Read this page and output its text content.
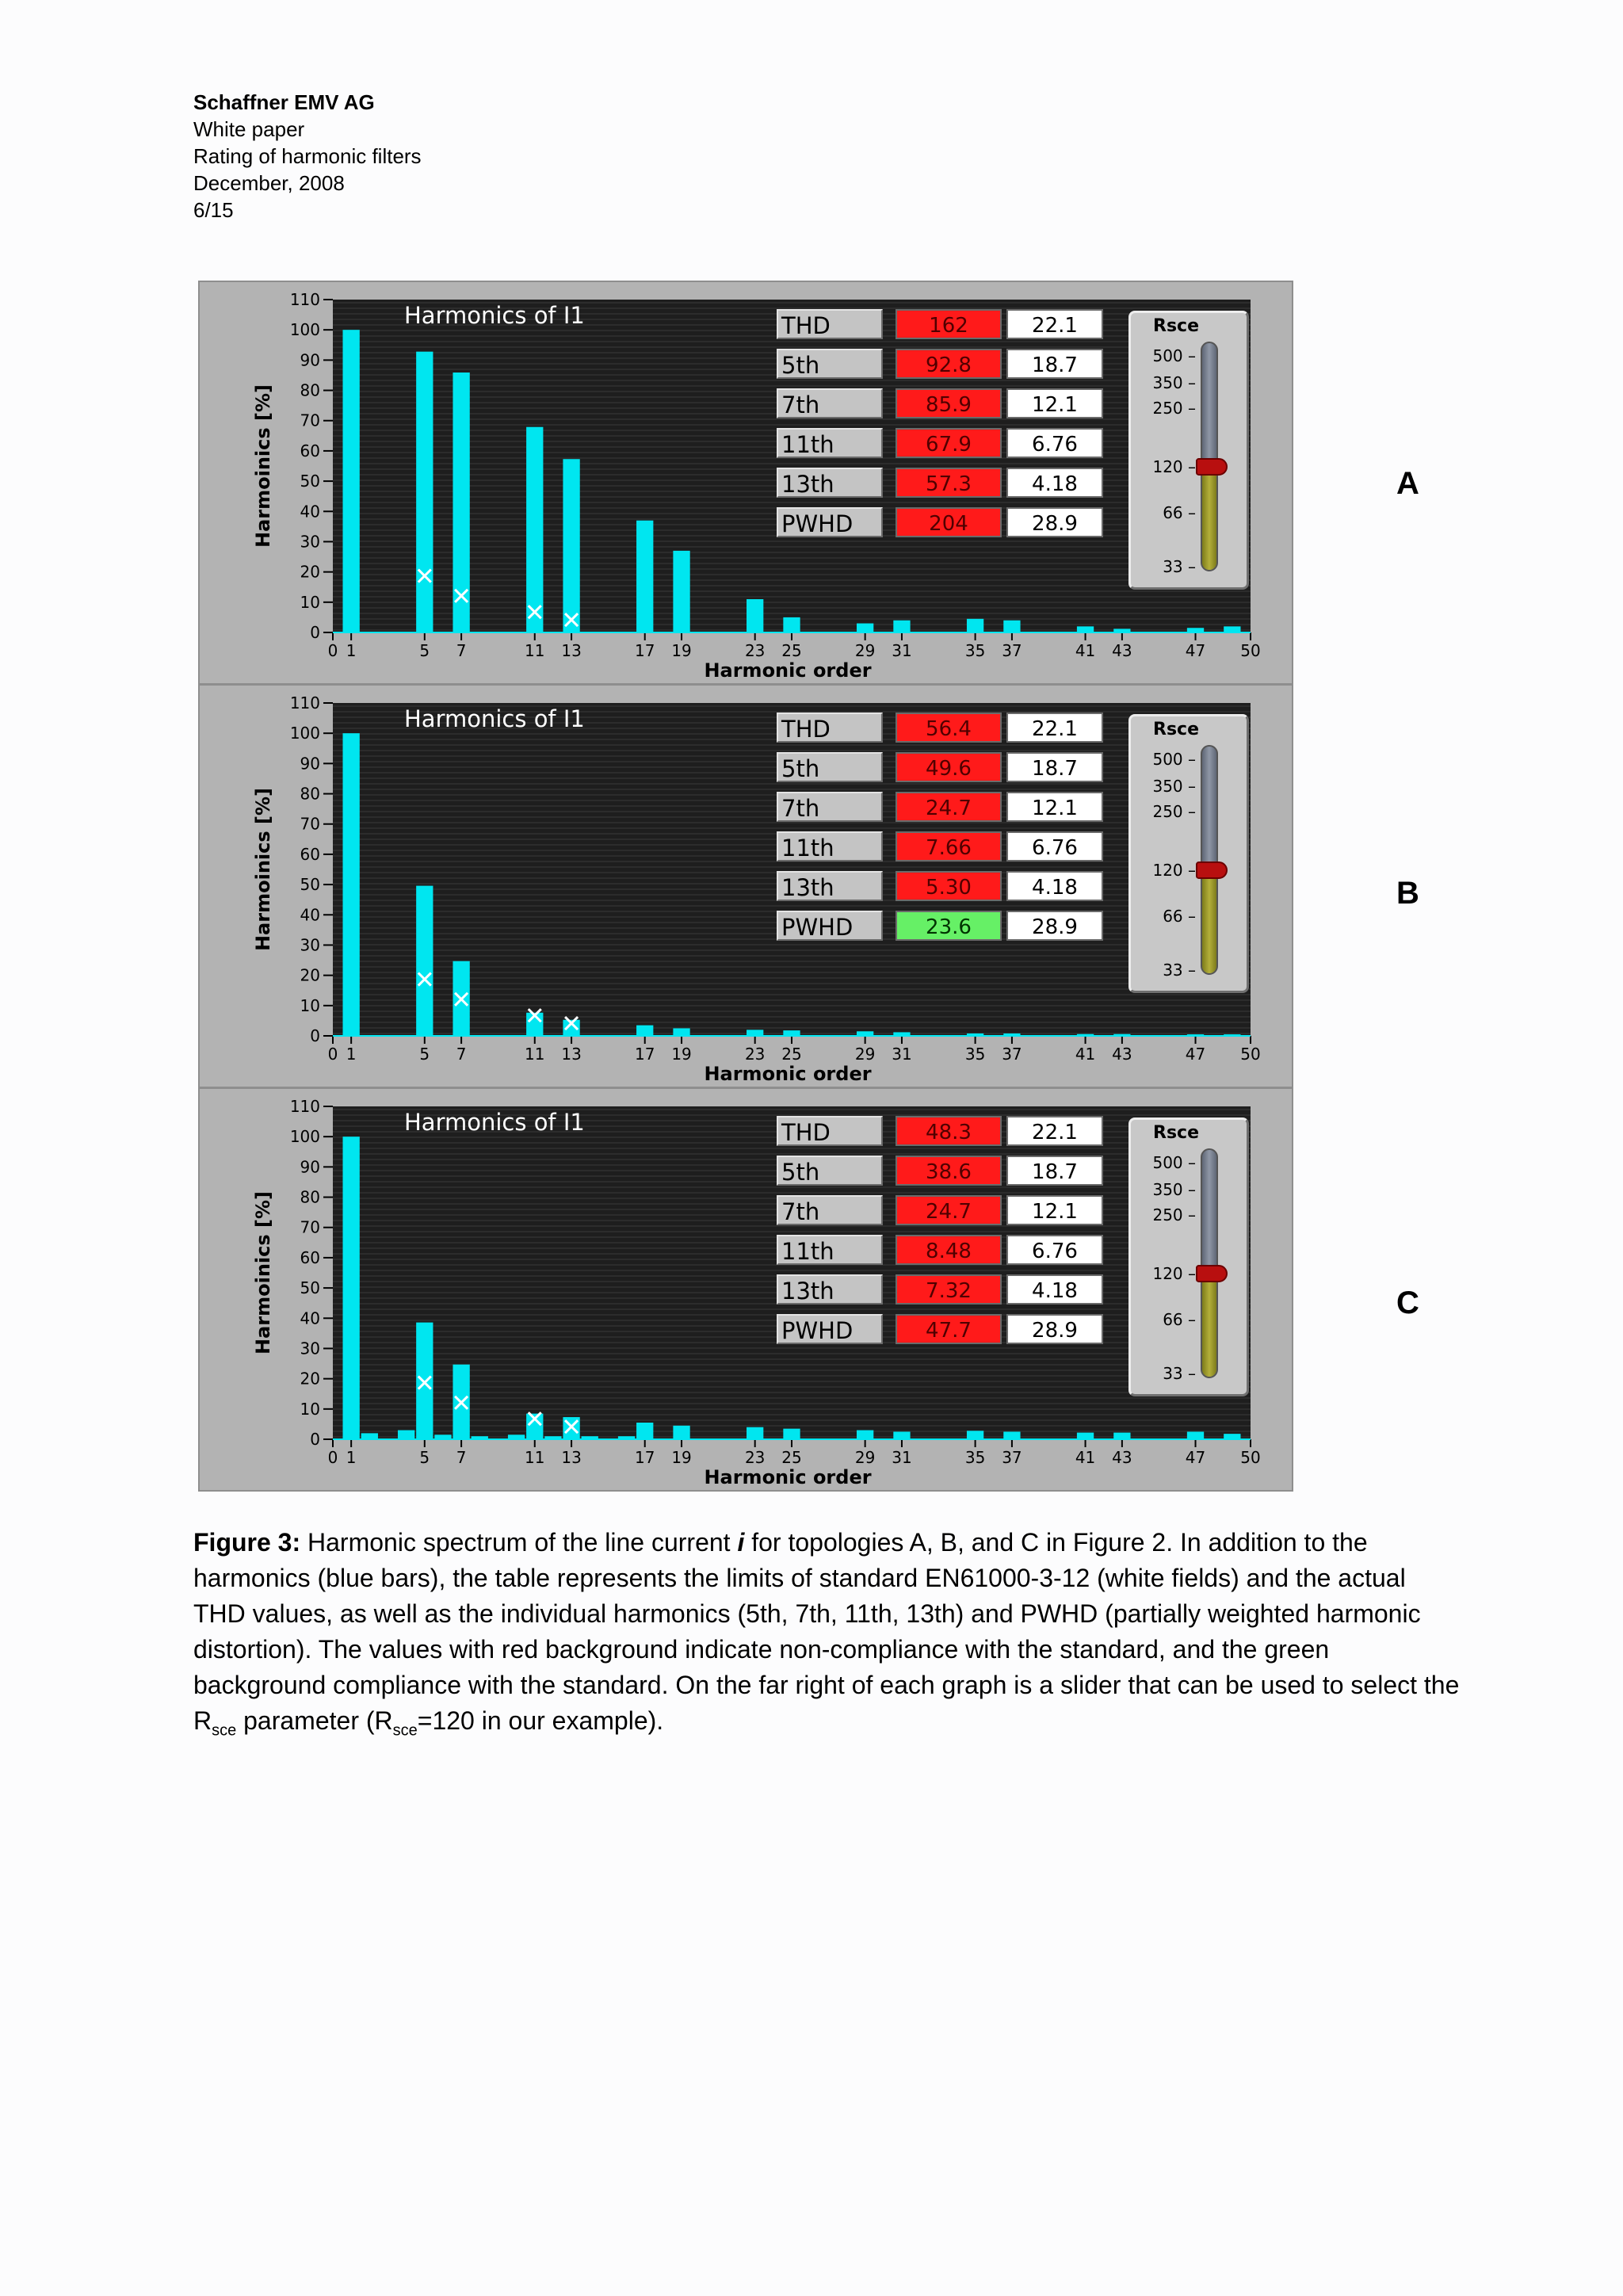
Schaffner EMV AG
White paper
Rating of harmonic filters
December, 2008
6/15
0
10
20
30
40
50
60
70
80
90
100
110
0 1	5 7	11 13	17 19	23 25	29 31	35 37	41 43	47 50
Harmonics of I1
Harmonic order
Harmoinics [%]
THD	162	22.1
5th	92.8	18.7
7th	85.9	12.1
11th	67.9	6.76
13th	57.3	4.18
PWHD	204	28.9
Rsce
500 –
350 –
250 –
120 –
66 –
33 –
A
0
10
20
30
40
50
60
70
80
90
100
110
0 1	5 7	11 13	17 19	23 25	29 31	35 37	41 43	47 50
Harmonics of I1
Harmonic order
Harmoinics [%]
THD	56.4	22.1
5th	49.6	18.7
7th	24.7	12.1
11th	7.66	6.76
13th	5.30	4.18
PWHD	23.6	28.9
Rsce
500 –
350 –
250 –
120 –
66 –
33 –
B
0
10
20
30
40
50
60
70
80
90
100
110
0 1	5 7	11 13	17 19	23 25	29 31	35 37	41 43	47 50
Harmonics of I1
Harmonic order
Harmoinics [%]
THD	48.3	22.1
5th	38.6	18.7
7th	24.7	12.1
11th	8.48	6.76
13th	7.32	4.18
PWHD	47.7	28.9
Rsce
500 –
350 –
250 –
120 –
66 –
33 –
C

Figure 3: Harmonic spectrum of the line current i for topologies A, B, and C in Figure 2. In addition to the harmonics (blue bars), the table represents the limits of standard EN61000-3-12 (white fields) and the actual THD values, as well as the individual harmonics (5th, 7th, 11th, 13th) and PWHD (partially weighted harmonic distortion). The values with red background indicate non-compliance with the standard, and the green background compliance with the standard. On the far right of each graph is a slider that can be used to select the $R_{sce}$ parameter ($R_{sce}=120$ in our example).
